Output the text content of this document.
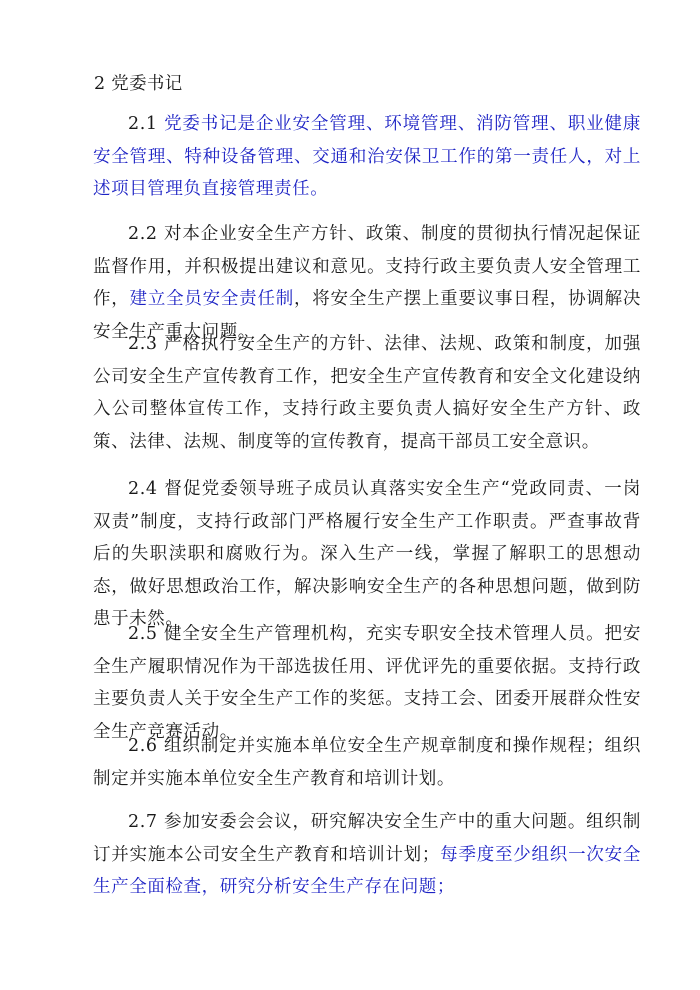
2 党委书记

2.1 党委书记是企业安全管理、环境管理、消防管理、职业健康安全管理、特种设备管理、交通和治安保卫工作的第一责任人，对上述项目管理负直接管理责任。

2.2 对本企业安全生产方针、政策、制度的贯彻执行情况起保证监督作用，并积极提出建议和意见。支持行政主要负责人安全管理工作，建立全员安全责任制，将安全生产摆上重要议事日程，协调解决安全生产重大问题。

2.3 严格执行安全生产的方针、法律、法规、政策和制度，加强公司安全生产宣传教育工作，把安全生产宣传教育和安全文化建设纳入公司整体宣传工作，支持行政主要负责人搞好安全生产方针、政策、法律、法规、制度等的宣传教育，提高干部员工安全意识。

2.4 督促党委领导班子成员认真落实安全生产“党政同责、一岗双责”制度，支持行政部门严格履行安全生产工作职责。严查事故背后的失职渎职和腐败行为。深入生产一线，掌握了解职工的思想动态，做好思想政治工作，解决影响安全生产的各种思想问题，做到防患于未然。

2.5 健全安全生产管理机构，充实专职安全技术管理人员。把安全生产履职情况作为干部选拔任用、评优评先的重要依据。支持行政主要负责人关于安全生产工作的奖惩。支持工会、团委开展群众性安全生产竞赛活动。

2.6 组织制定并实施本单位安全生产规章制度和操作规程；组织制定并实施本单位安全生产教育和培训计划。

2.7 参加安委会会议，研究解决安全生产中的重大问题。组织制订并实施本公司安全生产教育和培训计划；每季度至少组织一次安全生产全面检查，研究分析安全生产存在问题；
